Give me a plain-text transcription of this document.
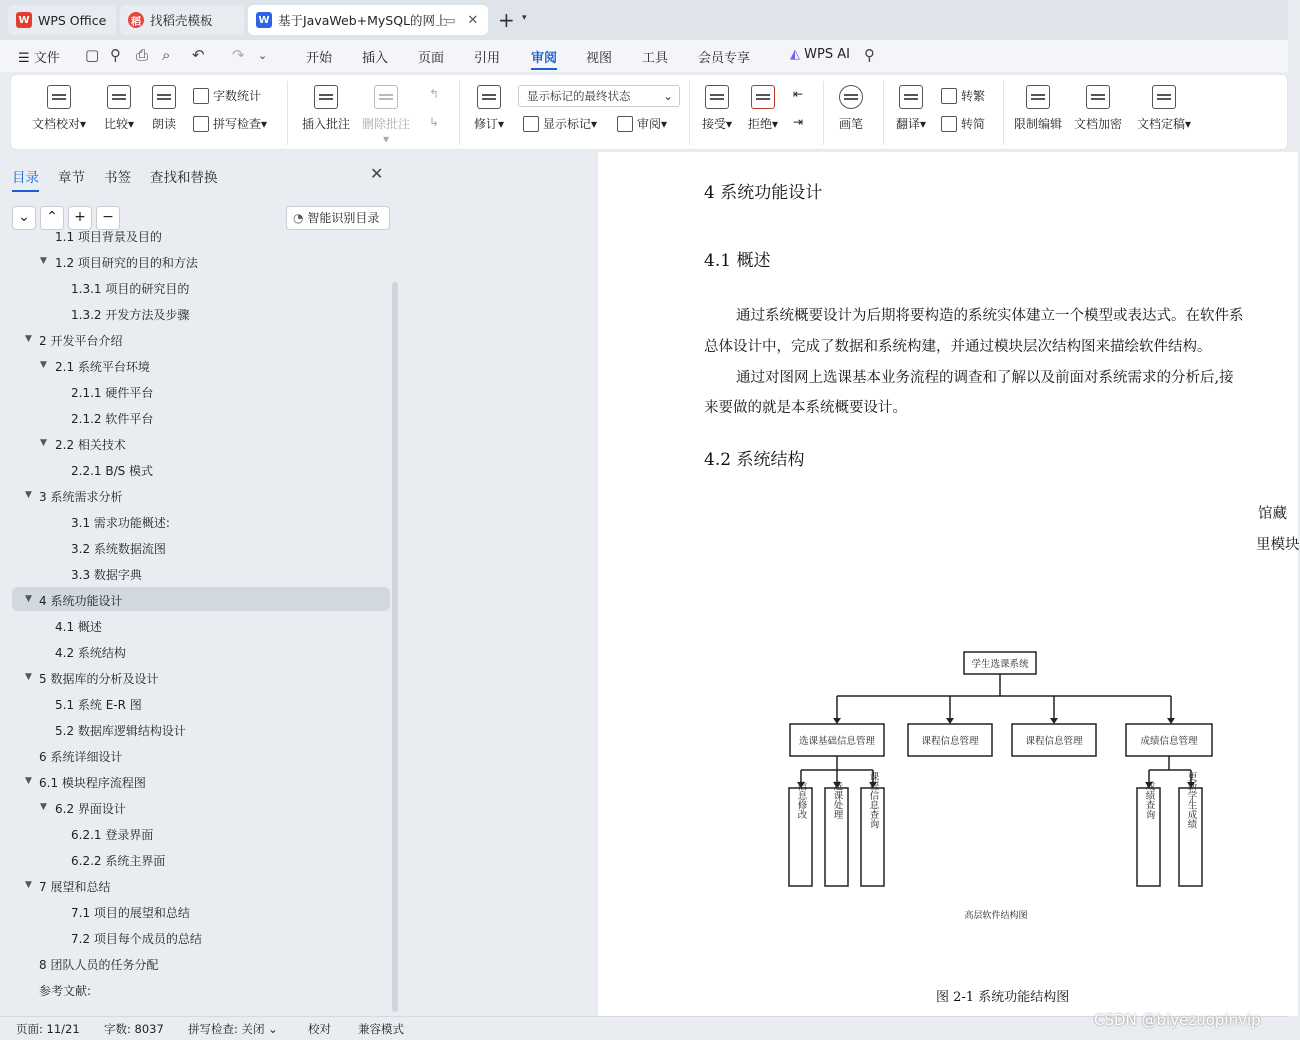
W WPS Office	稻 找稻壳模板	W 基于JavaWeb+MySQL的网上
▭ ✕ + ▾
☰ 文件 ▢ ⚲ ⎙ ⌕ ↶ ↷ ⌄	开始 插入 页面 引用 审阅 视图 工具 会员专享	◭ WPS AI ⚲
文档校对▾	比较▾	朗读
字数统计
拼写检查 ▾	插入批注 删除批注▾
↰
↳	修订▾
显示标记的最终状态	⌄
显示标记 ▾	审阅 ▾	接受▾ 拒绝▾
⇤
⇥	画笔	翻译▾
转繁
转简 限制编辑 文档加密	文档定稿▾
目录 章节 书签 查找和替换	✕
⌄	⌃	+	−	◔ 智能识别目录
1.1 项目背景及目的
▼ 1.2 项目研究的目的和方法
1.3.1 项目的研究目的
1.3.2 开发方法及步骤
▼ 2 开发平台介绍
▼ 2.1 系统平台环境
2.1.1 硬件平台
2.1.2 软件平台
▼ 2.2 相关技术
2.2.1 B/S 模式
▼ 3 系统需求分析
3.1 需求功能概述:
3.2 系统数据流图
3.3 数据字典
▼ 4 系统功能设计
4.1 概述
4.2 系统结构
▼ 5 数据库的分析及设计
5.1 系统 E-R 图
5.2 数据库逻辑结构设计
6 系统详细设计
▼ 6.1 模块程序流程图
▼ 6.2 界面设计
6.2.1 登录界面
6.2.2 系统主界面
▼ 7 展望和总结
7.1 项目的展望和总结
7.2 项目每个成员的总结
8 团队人员的任务分配
参考文献:
4 系统功能设计
4.1 概述
通过系统概要设计为后期将要构造的系统实体建立一个模型或表达式。在软件系
总体设计中，完成了数据和系统构建，并通过模块层次结构图来描绘软件结构。
通过对图网上选课基本业务流程的调查和了解以及前面对系统需求的分析后,接
来要做的就是本系统概要设计。
4.2 系统结构
馆藏
里模块
学生选课系统
选课基础信息管理	课程信息管理	课程信息管理	成绩信息管理
信息修改	选课处理	课程信息查询	成绩查询	更新学生成绩
高层软件结构图
图 2-1 系统功能结构图
页面: 11/21 字数: 8037 拼写检查: 关闭 ⌄	校对 兼容模式	CSDN @biyezuopinvip
